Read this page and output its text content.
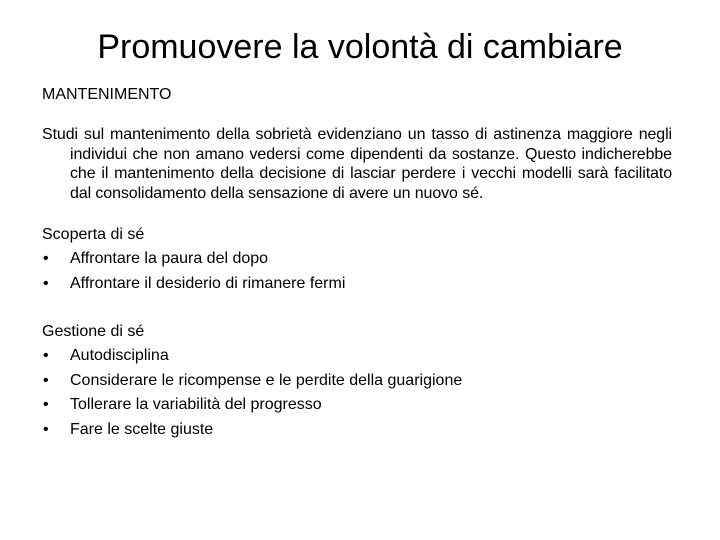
Promuovere la volontà di cambiare
MANTENIMENTO

Studi sul mantenimento della sobrietà evidenziano un tasso di astinenza maggiore negli individui che non amano vedersi come dipendenti da sostanze. Questo indicherebbe che il mantenimento della decisione di lasciar perdere i vecchi modelli sarà facilitato dal consolidamento della sensazione di avere un nuovo sé.

Scoperta di sé
•	Affrontare la paura del dopo
•	Affrontare il desiderio di rimanere fermi
Gestione di sé
•	Autodisciplina
•	Considerare le ricompense e le perdite della guarigione
•	Tollerare la variabilità del progresso
•	Fare le scelte giuste
